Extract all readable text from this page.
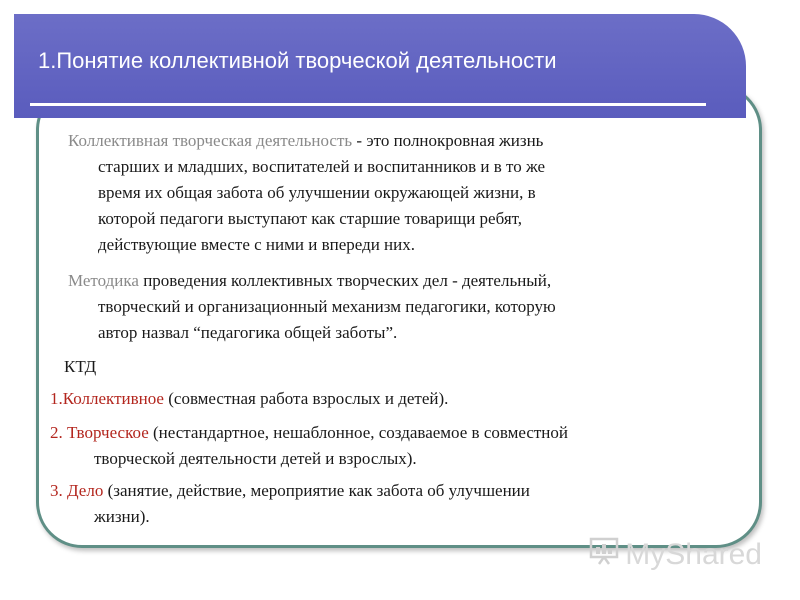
1.Понятие коллективной творческой деятельности
Коллективная творческая деятельность - это полнокровная жизнь
старших и младших, воспитателей и воспитанников и в то же
время их общая забота об улучшении окружающей жизни, в
которой педагоги выступают как старшие товарищи ребят,
действующие вместе с ними и впереди них.
Методика проведения коллективных творческих дел - деятельный,
творческий и организационный механизм педагогики, которую
автор назвал “педагогика общей заботы”.
КТД
1.Коллективное (совместная работа взрослых и детей).
2. Творческое (нестандартное, нешаблонное, создаваемое в совместной
творческой деятельности детей и взрослых).
3. Дело (занятие, действие, мероприятие как забота об улучшении
жизни).
MyShared
